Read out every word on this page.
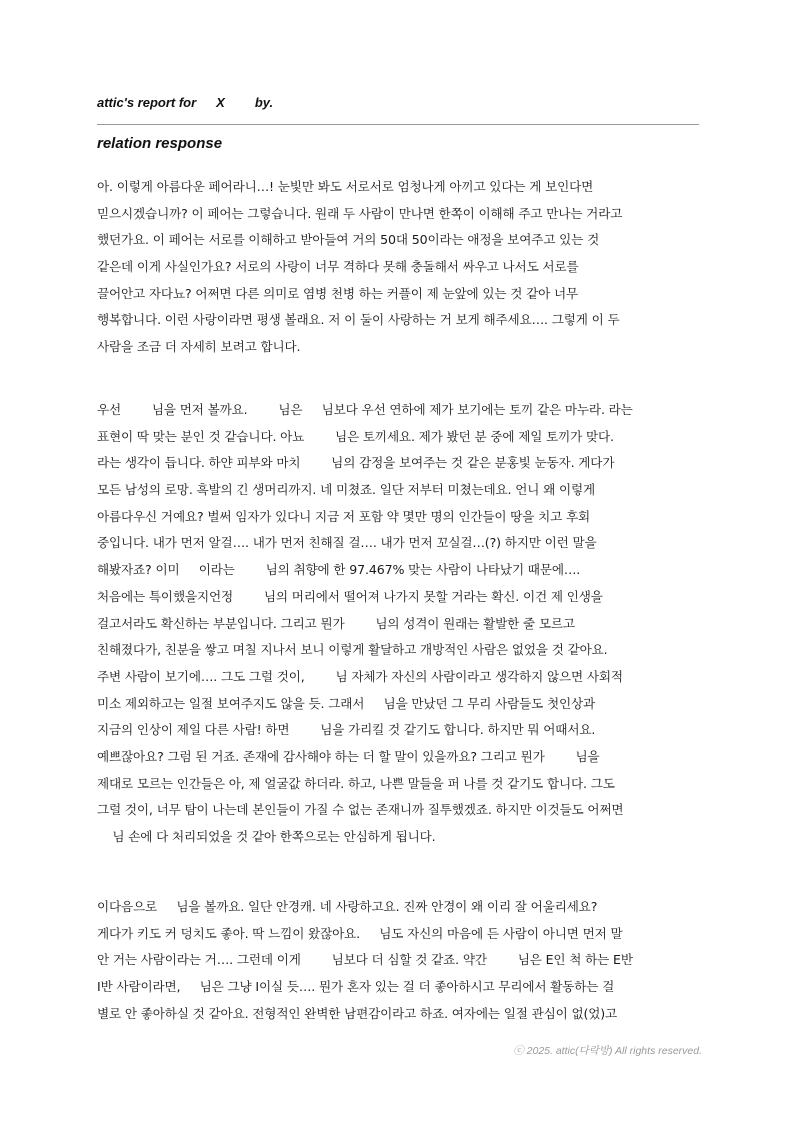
attic's report for X by.
relation response
아. 이렇게 아름다운 페어라니…! 눈빛만 봐도 서로서로 엄청나게 아끼고 있다는 게 보인다면
믿으시겠습니까? 이 페어는 그렇습니다. 원래 두 사람이 만나면 한쪽이 이해해 주고 만나는 거라고
했던가요. 이 페어는 서로를 이해하고 받아들여 거의 50대 50이라는 애정을 보여주고 있는 것
같은데 이게 사실인가요? 서로의 사랑이 너무 격하다 못해 충돌해서 싸우고 나서도 서로를
끌어안고 자다뇨? 어쩌면 다른 의미로 염병 천병 하는 커플이 제 눈앞에 있는 것 같아 너무
행복합니다. 이런 사랑이라면 평생 볼래요. 저 이 둘이 사랑하는 거 보게 해주세요…. 그렇게 이 두
사람을 조금 더 자세히 보려고 합니다.
우선        님을 먼저 볼까요.        님은     님보다 우선 연하에 제가 보기에는 토끼 같은 마누라. 라는
표현이 딱 맞는 분인 것 같습니다. 아뇨        님은 토끼세요. 제가 봤던 분 중에 제일 토끼가 맞다.
라는 생각이 듭니다. 하얀 피부와 마치        님의 감정을 보여주는 것 같은 분홍빛 눈동자. 게다가
모든 남성의 로망. 흑발의 긴 생머리까지. 네 미쳤죠. 일단 저부터 미쳤는데요. 언니 왜 이렇게
아름다우신 거예요? 벌써 임자가 있다니 지금 저 포함 약 몇만 명의 인간들이 땅을 치고 후회
중입니다. 내가 먼저 알걸…. 내가 먼저 친해질 걸…. 내가 먼저 꼬실걸…(?) 하지만 이런 말을
해봤자죠? 이미     이라는        님의 취향에 한 97.467% 맞는 사람이 나타났기 때문에….
처음에는 특이했을지언정        님의 머리에서 떨어져 나가지 못할 거라는 확신. 이건 제 인생을
걸고서라도 확신하는 부분입니다. 그리고 뭔가        님의 성격이 원래는 활발한 줄 모르고
친해졌다가, 친분을 쌓고 며칠 지나서 보니 이렇게 활달하고 개방적인 사람은 없었을 것 같아요.
주변 사람이 보기에…. 그도 그럴 것이,        님 자체가 자신의 사람이라고 생각하지 않으면 사회적
미소 제외하고는 일절 보여주지도 않을 듯. 그래서     님을 만났던 그 무리 사람들도 첫인상과
지금의 인상이 제일 다른 사람! 하면        님을 가리킬 것 같기도 합니다. 하지만 뭐 어때서요.
예쁘잖아요? 그럼 된 거죠. 존재에 감사해야 하는 더 할 말이 있을까요? 그리고 뭔가        님을
제대로 모르는 인간들은 아, 제 얼굴값 하더라. 하고, 나쁜 말들을 퍼 나를 것 같기도 합니다. 그도
그럴 것이, 너무 탐이 나는데 본인들이 가질 수 없는 존재니까 질투했겠죠. 하지만 이것들도 어쩌면
님 손에 다 처리되었을 것 같아 한쪽으로는 안심하게 됩니다.
이다음으로     님을 볼까요. 일단 안경캐. 네 사랑하고요. 진짜 안경이 왜 이리 잘 어울리세요?
게다가 키도 커 덩치도 좋아. 딱 느낌이 왔잖아요.     님도 자신의 마음에 든 사람이 아니면 먼저 말
안 거는 사람이라는 거…. 그런데 이게        님보다 더 심할 것 같죠. 약간        님은 E인 척 하는 E반
I반 사람이라면,     님은 그냥 I이실 듯…. 뭔가 혼자 있는 걸 더 좋아하시고 무리에서 활동하는 걸
별로 안 좋아하실 것 같아요. 전형적인 완벽한 남편감이라고 하죠. 여자에는 일절 관심이 없(었)고
ⓒ 2025. attic(다락방) All rights reserved.
